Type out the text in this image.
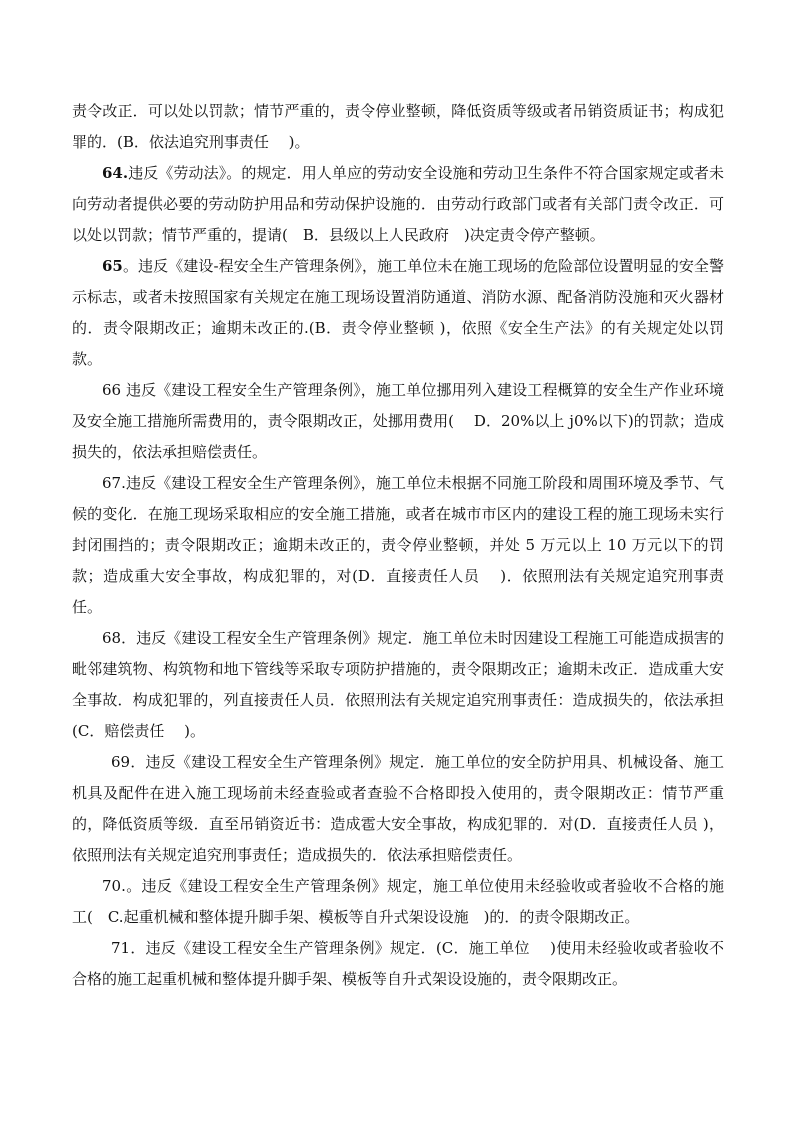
责令改正．可以处以罚款；情节严重的，责令停业整顿，降低资质等级或者吊销资质证书；构成犯罪的．(B．依法追究刑事责任　 )。

64.违反《劳动法》。的规定．用人单应的劳动安全设施和劳动卫生条件不符合国家规定或者未向劳动者提供必要的劳动防护用品和劳动保护设施的．由劳动行政部门或者有关部门责令改正．可以处以罚款；情节严重的，提请(　B．县级以上人民政府　)决定责令停产整顿。

65。违反《建设-程安全生产管理条例》，施工单位未在施工现场的危险部位设置明显的安全警示标志，或者未按照国家有关规定在施工现场设置消防通道、消防水源、配备消防没施和灭火器材的．责令限期改正；逾期未改正的.(B．责令停业整顿 )，依照《安全生产法》的有关规定处以罚款。

66 违反《建设工程安全生产管理条例》，施工单位挪用列入建设工程概算的安全生产作业环境及安全施工措施所需费用的，责令限期改正，处挪用费用(　 D．20%以上 j0%以下)的罚款；造成损失的，依法承担赔偿责任。

67.违反《建设工程安全生产管理条例》，施工单位未根据不同施工阶段和周围环境及季节、气候的变化．在施工现场采取相应的安全施工措施，或者在城市市区内的建设工程的施工现场未实行封闭围挡的；责令限期改正；逾期未改正的，责令停业整顿，并处 5 万元以上 10 万元以下的罚款；造成重大安全事故，构成犯罪的，对(D．直接责任人员　 )．依照刑法有关规定追究刑事责任。

68．违反《建设工程安全生产管理条例》规定．施工单位未时因建设工程施工可能造成损害的毗邻建筑物、构筑物和地下管线等采取专项防护措施的，责令限期改正；逾期未改正．造成重大安全事故．构成犯罪的，列直接责任人员．依照刑法有关规定追究刑事责任：造成损失的，依法承担(C．赔偿责任　 )。

69．违反《建设工程安全生产管理条例》规定．施工单位的安全防护用具、机械设备、施工机具及配件在进入施工现场前未经查验或者查验不合格即投入使用的，责令限期改正：情节严重的，降低资质等级．直至吊销资近书：造成雹大安全事故，构成犯罪的．对(D．直接责任人员 )，依照刑法有关规定追究刑事责任；造成损失的．依法承担赔偿责任。

70.。违反《建设工程安全生产管理条例》规定，施工单位使用未经验收或者验收不合格的施工(　C.起重机械和整体提升脚手架、模板等自升式架设设施　)的．的责令限期改正。

71．违反《建设工程安全生产管理条例》规定．(C．施工单位　 )使用未经验收或者验收不合格的施工起重机械和整体提升脚手架、模板等自升式架设设施的，责令限期改正。
